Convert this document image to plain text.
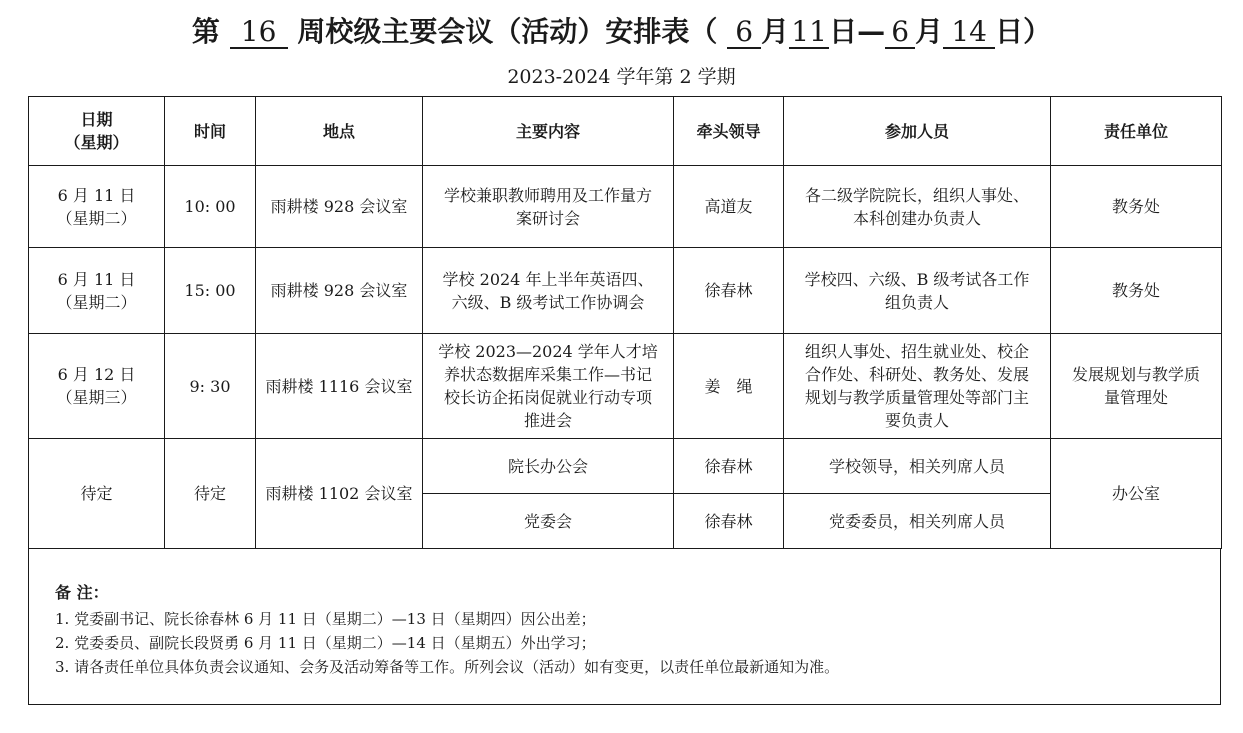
第 16 周校级主要会议（活动）安排表（ 6 月11日— 6 月 14 日）
2023-2024 学年第 2 学期
日期
（星期）	时间	地点	主要内容	牵头领导	参加人员	责任单位

6 月 11 日
（星期二）	10: 00	雨耕楼 928 会议室	学校兼职教师聘用及工作量方案研讨会	高道友	各二级学院院长，组织人事处、本科创建办负责人	教务处

6 月 11 日
（星期二）	15: 00	雨耕楼 928 会议室	学校 2024 年上半年英语四、六级、B 级考试工作协调会	徐春林	学校四、六级、B 级考试各工作组负责人	教务处

6 月 12 日
（星期三）	9: 30	雨耕楼 1116 会议室	学校 2023—2024 学年人才培养状态数据库采集工作—书记校长访企拓岗促就业行动专项推进会	姜　绳	组织人事处、招生就业处、校企合作处、科研处、教务处、发展规划与教学质量管理处等部门主要负责人	发展规划与教学质量管理处
待定	待定	雨耕楼 1102 会议室	院长办公会	徐春林	学校领导，相关列席人员	办公室
			党委会	徐春林	党委委员，相关列席人员	
备 注：
1. 党委副书记、院长徐春林 6 月 11 日（星期二）—13 日（星期四）因公出差；
2. 党委委员、副院长段贤勇 6 月 11 日（星期二）—14 日（星期五）外出学习；
3. 请各责任单位具体负责会议通知、会务及活动筹备等工作。所列会议（活动）如有变更，以责任单位最新通知为准。
